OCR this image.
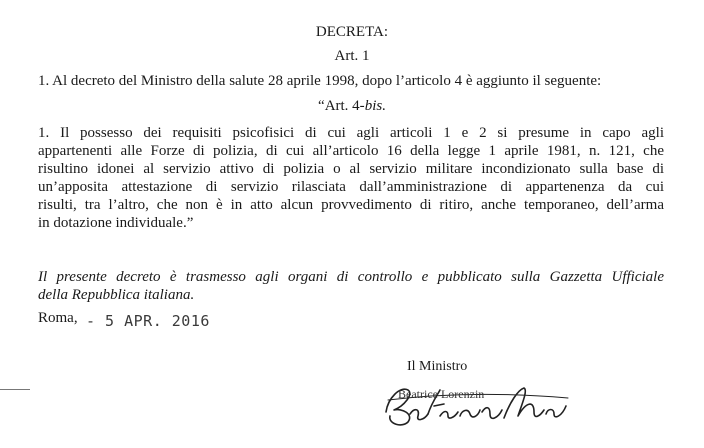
DECRETA:
Art. 1
1. Al decreto del Ministro della salute 28 aprile 1998, dopo l’articolo 4 è aggiunto il seguente:
“Art. 4-bis.
1. Il possesso dei requisiti psicofisici di cui agli articoli 1 e 2 si presume in capo agli
appartenenti alle Forze di polizia, di cui all’articolo 16 della legge 1 aprile 1981, n. 121, che
risultino idonei al servizio attivo di polizia o al servizio militare incondizionato sulla base di
un’apposita attestazione di servizio rilasciata dall’amministrazione di appartenenza da cui
risulti, tra l’altro, che non è in atto alcun provvedimento di ritiro, anche temporaneo, dell’arma
in dotazione individuale.”
Il presente decreto è trasmesso agli organi di controllo e pubblicato sulla Gazzetta Ufficiale
della Repubblica italiana.
Roma, - 5 APR. 2016
Il Ministro
Beatrice Lorenzin
